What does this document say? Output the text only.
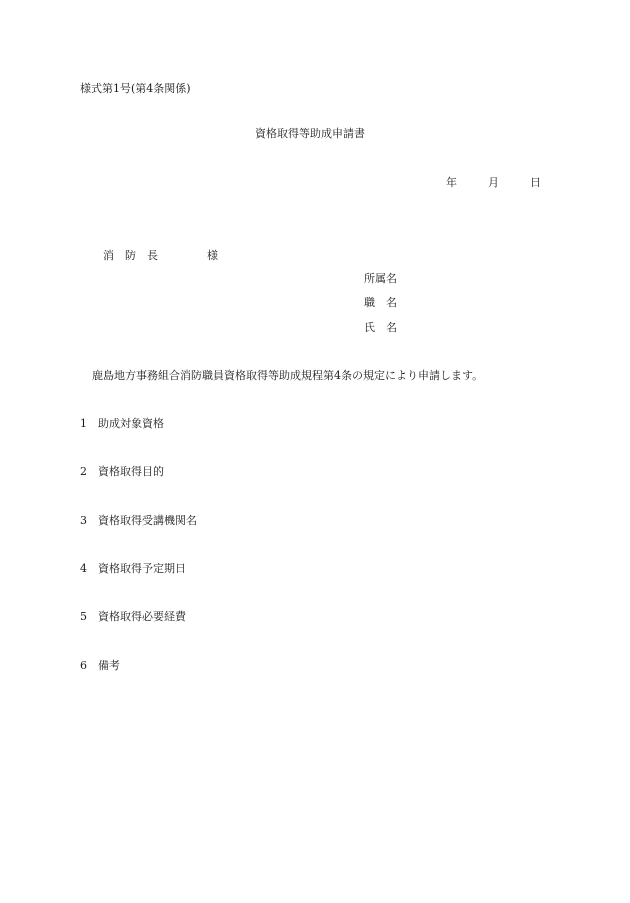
様式第1号(第4条関係)
資格取得等助成申請書
年	月	日
消　防　長	様
所属名
職　名
氏　名
鹿島地方事務組合消防職員資格取得等助成規程第4条の規定により申請します。
1 助成対象資格
2 資格取得目的
3 資格取得受講機関名
4 資格取得予定期日
5 資格取得必要経費
6 備考
